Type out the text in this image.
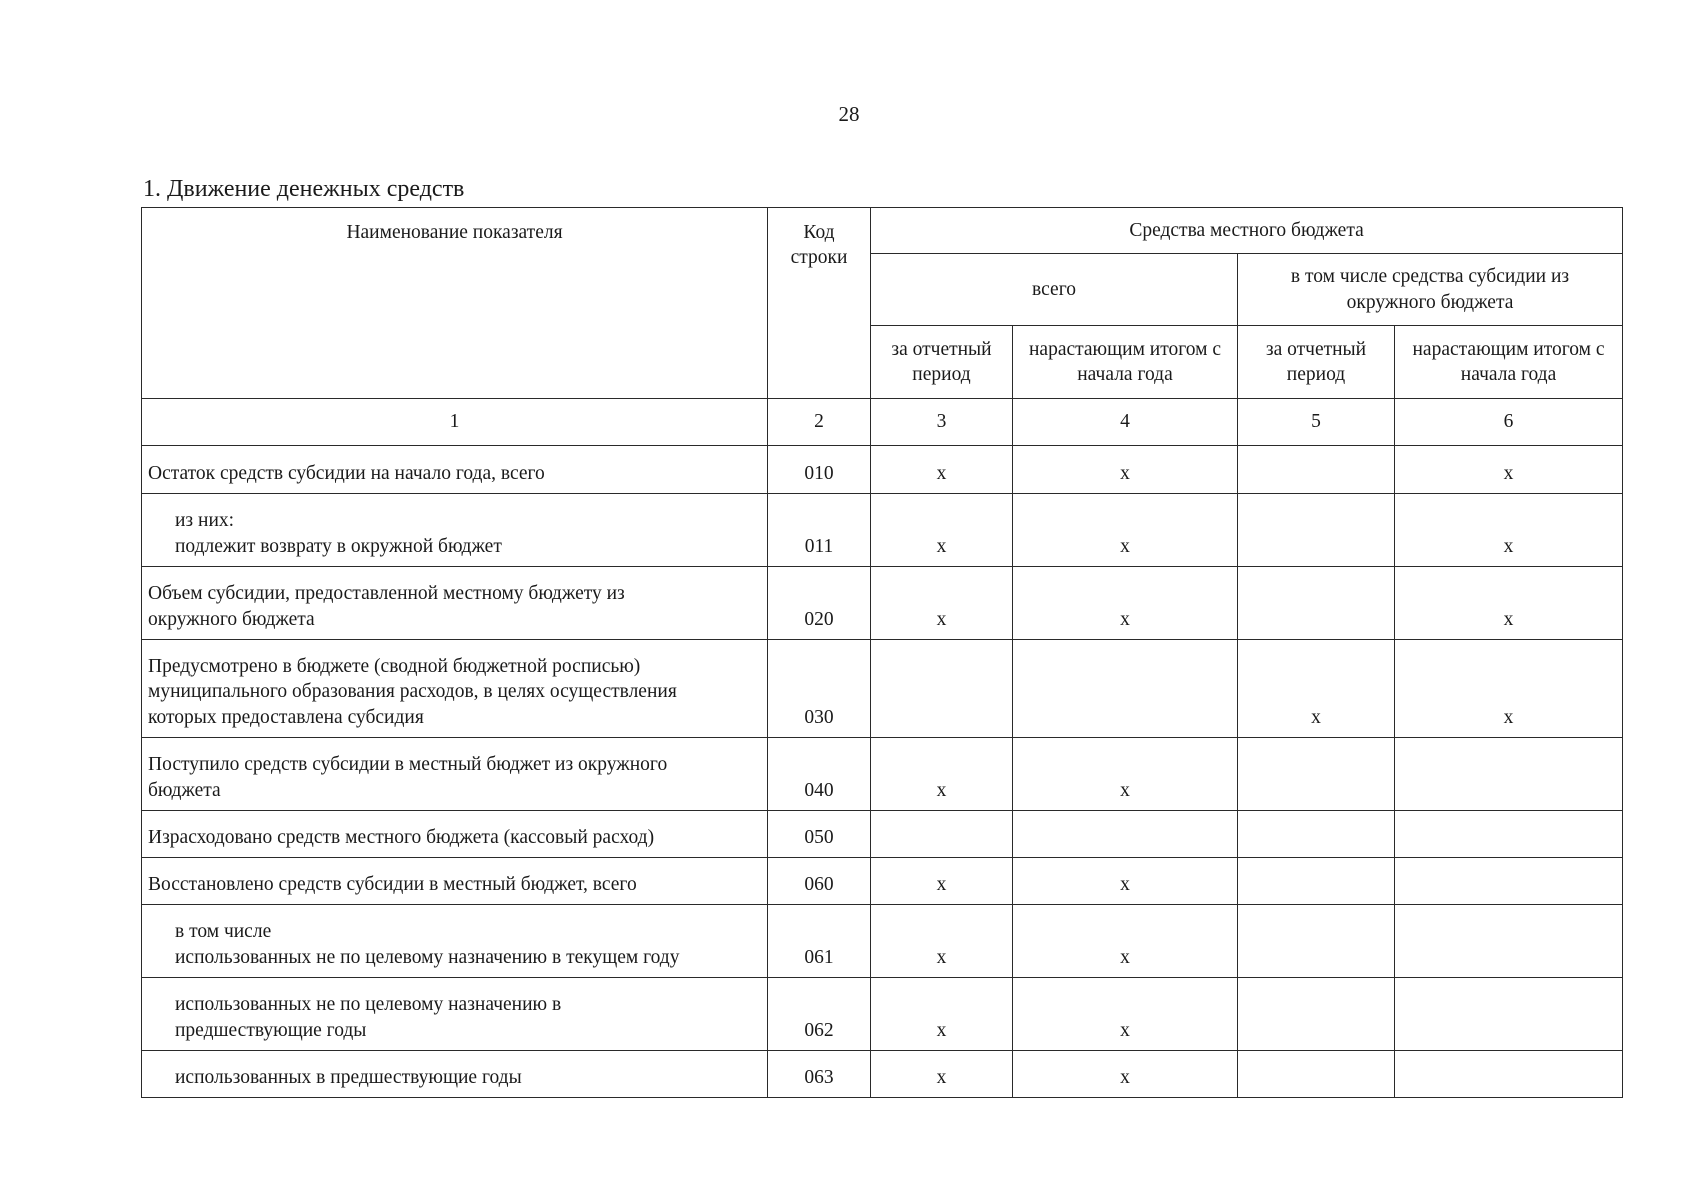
28
1. Движение денежных средств
Наименование показателя	Код строки	Средства местного бюджета			
		всего		в том числе средства субсидии из окружного бюджета	
		за отчетный период	нарастающим итогом с начала года	за отчетный период	нарастающим итогом с начала года
1	2	3	4	5	6

Остаток средств субсидии на начало года, всего	010	x	x		x

из них:
подлежит возврату в окружной бюджет	011	x	x		x

Объем субсидии, предоставленной местному бюджету из
окружного бюджета	020	x	x		x

Предусмотрено в бюджете (сводной бюджетной росписью)
муниципального образования расходов, в целях осуществления
которых предоставлена субсидия	030			x	x

Поступило средств субсидии в местный бюджет из окружного
бюджета	040	x	x		

Израсходовано средств местного бюджета (кассовый расход)	050				

Восстановлено средств субсидии в местный бюджет, всего	060	x	x		

в том числе
использованных не по целевому назначению в текущем году	061	x	x		

использованных не по целевому назначению в
предшествующие годы	062	x	x		

использованных в предшествующие годы	063	x	x		
